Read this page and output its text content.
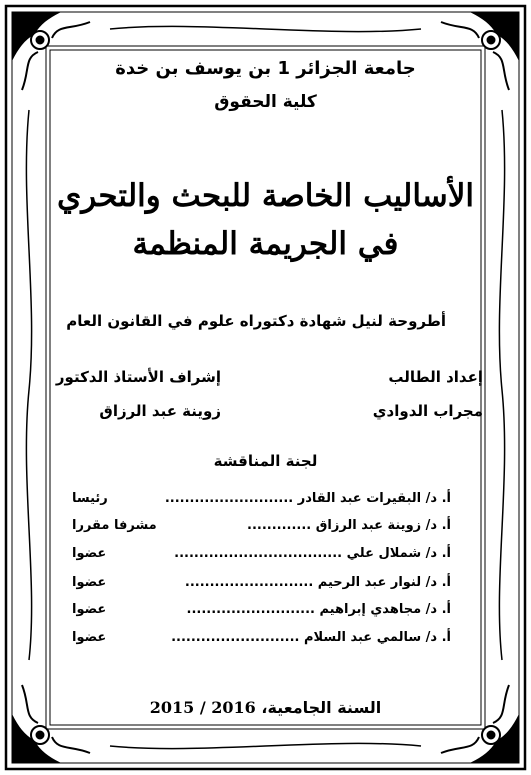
جامعة الجزائر 1 بن يوسف بن خدة
كلية الحقوق
الأساليب الخاصة للبحث والتحري
في الجريمة المنظمة
أطروحة لنيل شهادة دكتوراه علوم في القانون العام
إعداد الطالب
إشراف الأستاذ الدكتور
مجراب الدوادي
زوينة عبد الرزاق
لجنة المناقشة
أ. د/ البقيرات عبد القادر ..........................
رئيسا
أ. د/ زوينة عبد الرزاق .............
مشرفا مقررا
أ. د/ شملال علي ..................................
عضوا
أ. د/ لنوار عبد الرحيم ..........................
عضوا
أ. د/ مجاهدي إبراهيم ..........................
عضوا
أ. د/ سالمي عبد السلام ..........................
عضوا
السنة الجامعية، 2015 / 2016
